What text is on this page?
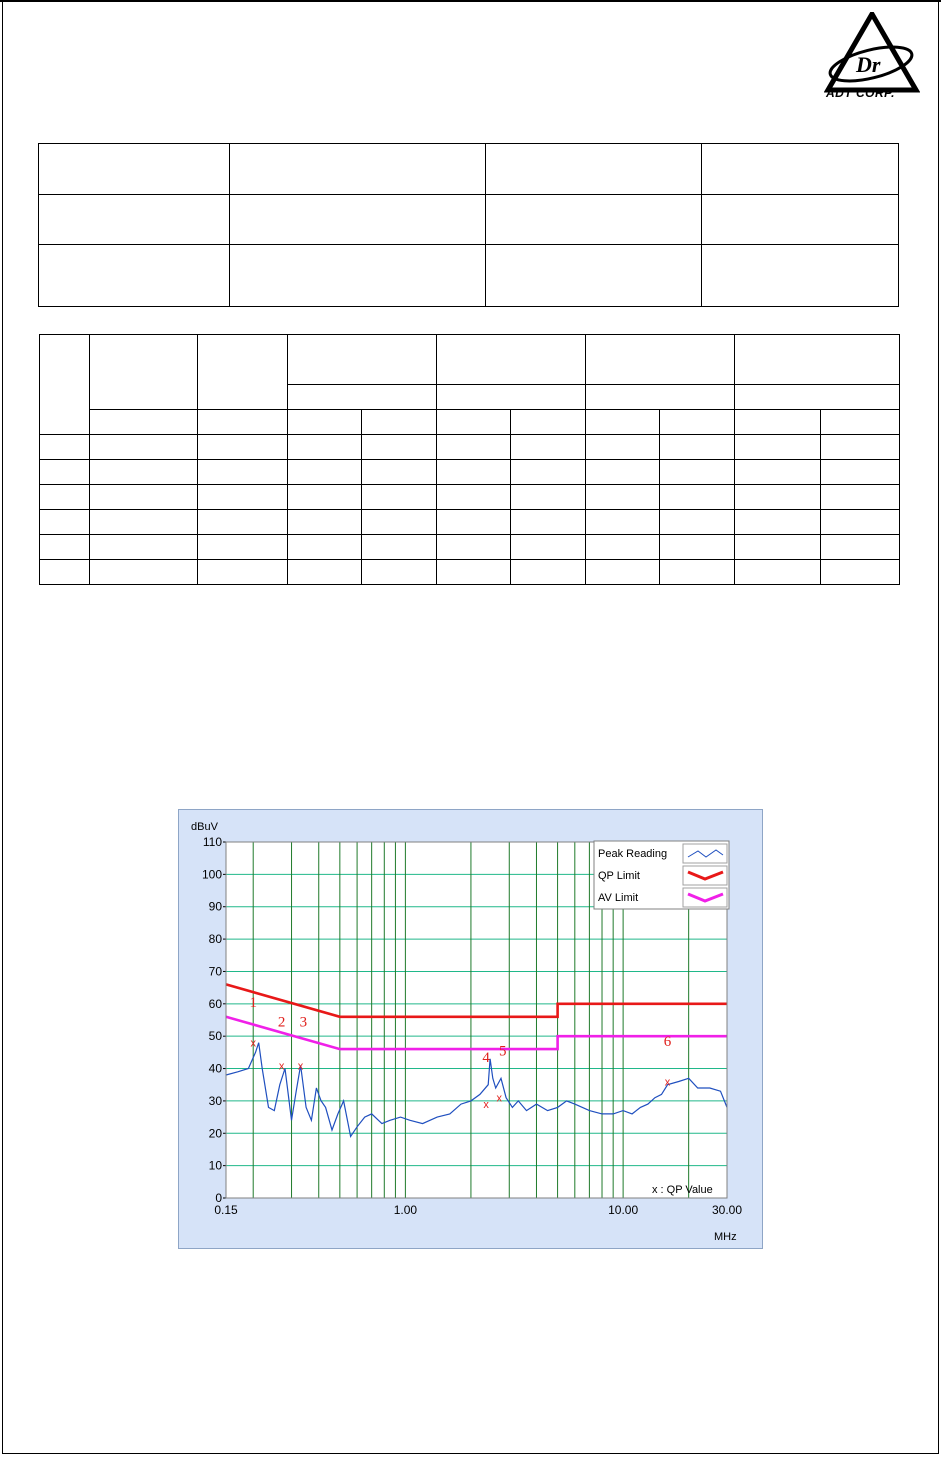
Dr
ADT CORP.

0
10
20
30
40
50
60
70
80
90
100
110
0.15	1.00	10.00	30.00
x
x x
x
x
x
1
2 3
4 5
6
dBuV
MHz
Peak Reading
QP Limit
AV Limit
x : QP Value
